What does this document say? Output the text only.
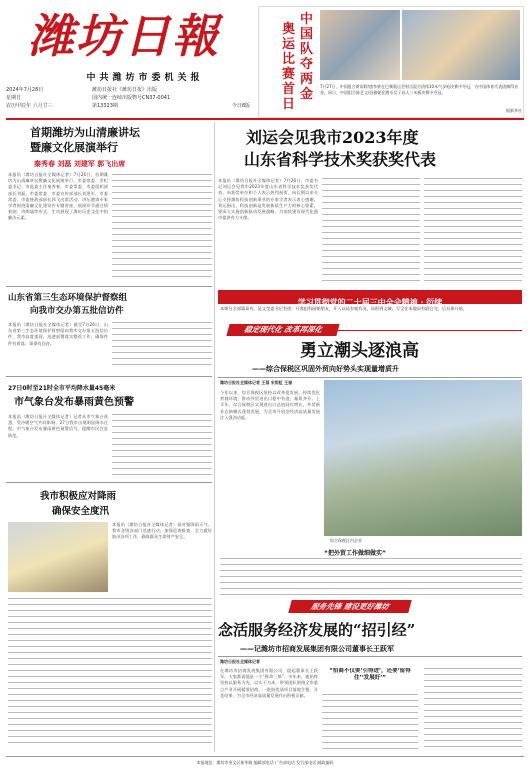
潍坊日報
中共潍坊市委机关报
2024年7月28日
星期日
农历甲辰年 六月廿三
潍坊日报社《潍坊日报》出版
国内统一连续出版物号CN37-0041
第13323期	今日8版
中国队夺两金
奥运比赛首日
7月27日，中国组合黄雨婷/盛李豪在巴黎奥运会射击混合团体10米气步枪决赛中夺冠，为中国体育代表团摘得首金。同日，中国组合陈艺文/昌雅妮在跳水女子双人三米板决赛中夺冠。
据新华社
首期潍坊为山清廉讲坛
暨廉文化展演举行
秦秀春 刘磊 刘建军 郭飞出席
本报讯（潍坊日报社全媒体记者）7月26日，首期潍坊为山清廉讲坛暨廉文化展演举行。市委常委、市纪委书记、市监委主任秦秀春，市委常委、市委组织部部长刘磊，市委常委、市委宣传部部长刘建军，市委常委、市委统战部部长郭飞出席活动。讲坛邀请专家学者围绕清廉文化建设作专题讲座，展演环节通过情景剧、诗朗诵等形式，生动展现了潍坊历史文化中的廉洁元素。
山东省第三生态环境保护督察组
向我市交办第五批信访件
本报讯（潍坊日报社全媒体记者）截至7月26日，山东省第三生态环境保护督察组向我市交办第五批信访件，我市高度重视，迅速部署落实整改工作，确保件件有着落、事事有回音。
27日0时至21时全市平均降水量45毫米
市气象台发布暴雨黄色预警
本报讯（潍坊日报社全媒体记者）记者从市气象台获悉，受冷暖空气共同影响，27日我市出现明显降水过程。市气象台发布暴雨黄色预警信号，提醒市民注意防范。
我市积极应对降雨
确保安全度汛
本报讯（潍坊日报社全媒体记者）面对强降雨天气，我市各级各部门迅速行动，加强巡查排查，全力做好防汛各项工作，确保群众生命财产安全。
刘运会见我市2023年度
山东省科学技术奖获奖代表
本报讯（潍坊日报社全媒体记者）7月26日，市委书记刘运会见我市2023年度山东省科学技术奖获奖代表，向获奖单位和个人表示热烈祝贺，向长期以来关心支持潍坊科技创新事业的专家学者表示衷心感谢。刘运指出，科技创新是发展新质生产力的核心要素，要深入实施创新驱动发展战略，为加快建设现代化强市提供有力支撑。
学习贯彻党的二十届三中全会精神 · 衍续
本期分全部篇章有，是文莹委书记有进：开客组科园朝朋友，开入以局有观有况，局积到文城；写全在本地局有联合完，后具体开始。
稳定现代化 改革再深化
勇立潮头逐浪高
——综合保税区巩固外贸向好势头实现量增质升
潍坊日报社全媒体记者 王蓓 宋雨虹 王禄
今年以来，综合保税区坚持以改革促发展，持续优化营商环境，推动外贸进出口稳中有进、量质齐升。上半年，综合保税区实现进出口总值同比增长，外贸新业态新模式蓬勃发展，为全市开放型经济高质量发展注入强劲动能。
综合保税区内企业
“把外贸工作做细做实”
服务先锋 建设更好潍坊
念活服务经济发展的“招引经”
——记潍坊市招商发展集团有限公司董事长王跃军
潍坊日报社全媒体记者
在潍坊市招商发展集团有限公司，提起董事长王跃军，大家都说他是一个“拼命三郎”。多年来，他始终坚持以服务为先，以实干为本，带领团队围绕全市重点产业开展精准招商，一批批优质项目落地生根、开花结果，为全市经济高质量发展作出积极贡献。
“招商不仅要‘引得进’，还要‘留得住’‘发展好’”
本报地址：潍坊市奎文区新华路 编辑部电话 广告部电话 发行部电话 邮政编码
